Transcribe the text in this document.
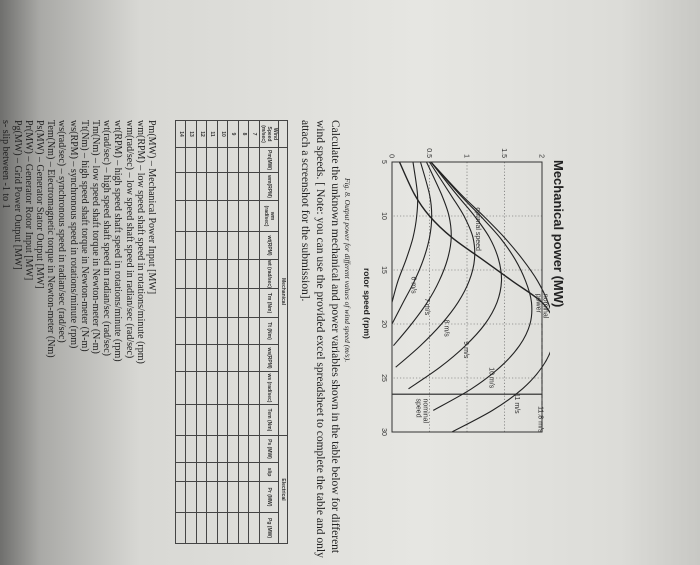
Mechanical power (MW)
5
10
15
20
25
30
0	0.5	1	1.5	2
6 m/s
7 m/s
8 m/s
9 m/s
10 m/s
11 m/s
11.8 m/s
nominalpower
optimal speed
nominalspeed
rotor speed (rpm)
Fig. 8. Output power for different values of wind speed (m/s).
Calculate the unknown mechanical and power variables shown in the table below for different wind speeds. [ Note: you can use the provided excel spreadsheet to complete the table and only attach a screenshot for the submission].
	Mechanical										Electrical			
Wind Speed (m/sec)	Pm(MW)	wm(RPM)	wm (rad/sec)	wt(RPM)	wt (rad/sec)	Tm (Nm)	Tt (Nm)	ws(RPM)	ws (rad/sec)	Tem (Nm)	Ps (MW)	slip	Pr (MW)	Pg (MW)
7														
8														
9														
10														
11														
12														
13														
14														
Pm(MW) – Mechanical Power Input [MW]
wm(RPM) – low speed shaft speed in rotations/minute (rpm)
wm(rad/sec) – low speed shaft speed in radian/sec (rad/sec)
wt(RPM) – high speed shaft speed in rotations/minute (rpm)
wt(rad/sec) – high speed shaft speed in radian/sec (rad/sec)
Tm(Nm) – low speed shaft torque in Newton-meter (N-m)
Tt(Nm) – high speed shaft torque in Newton-meter (N-m)
ws(RPM) – synchronous speed in rotations/minute (rpm)
ws(rad/sec) – synchronous speed in radian/sec (rad/sec)
Tem(Nm) – Electromagnetic torque in Newton-meter (Nm)
Ps(MW) – Generator Stator Output [MW]
Pr(MW) – Generator Rotor Input [MW]
Pg(MW) – Grid Power Output [MW]
s- slip between -1 to 1
